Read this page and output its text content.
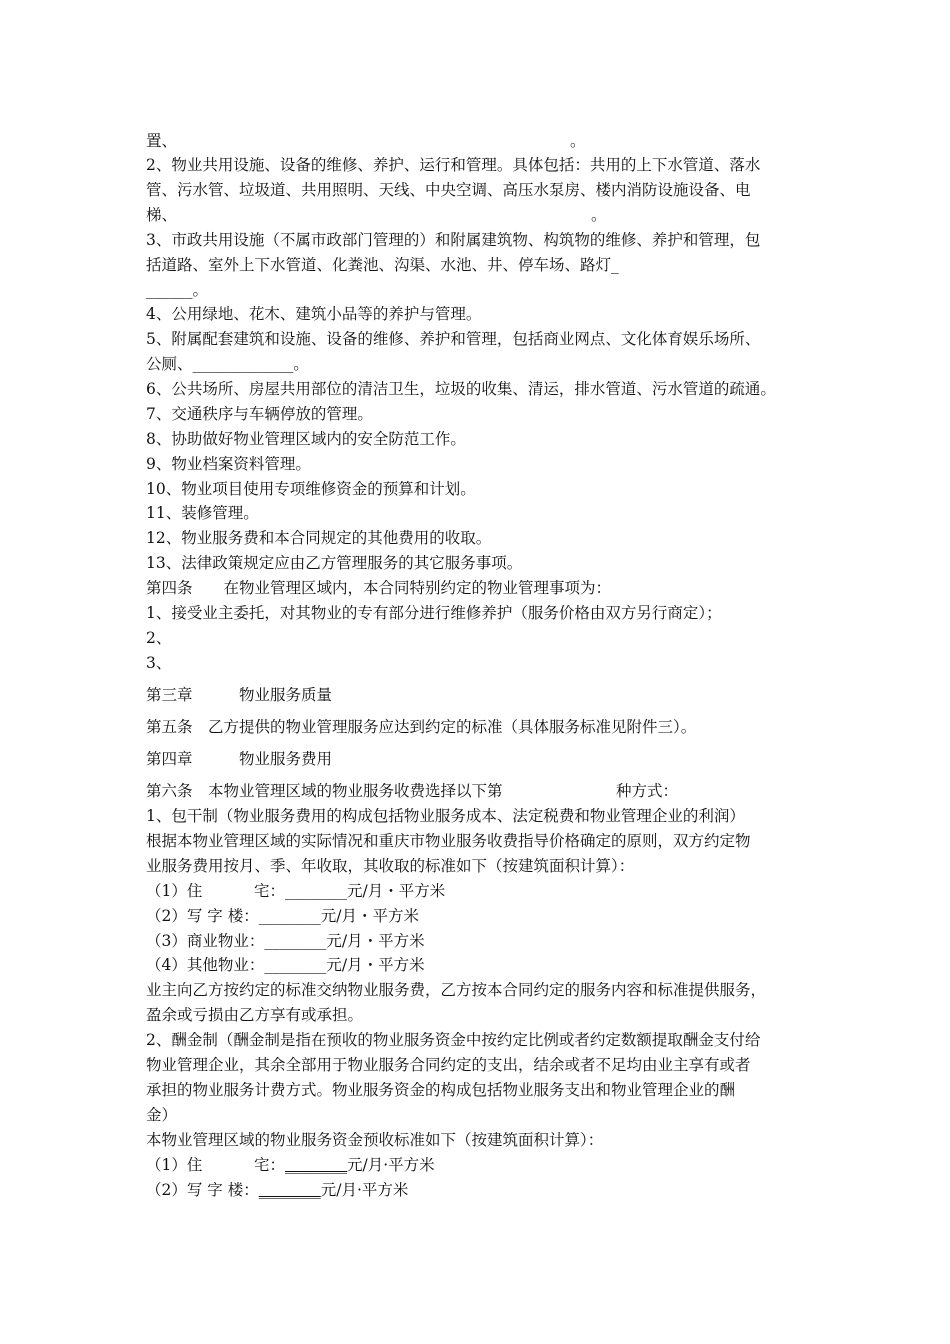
置、	。
2、物业共用设施、设备的维修、养护、运行和管理。具体包括：共用的上下水管道、落水
管、污水管、垃圾道、共用照明、天线、中央空调、高压水泵房、楼内消防设施设备、电
梯、	。
3、市政共用设施（不属市政部门管理的）和附属建筑物、构筑物的维修、养护和管理，包
括道路、室外上下水管道、化粪池、沟渠、水池、井、停车场、路灯_
______。
4、公用绿地、花木、建筑小品等的养护与管理。
5、附属配套建筑和设施、设备的维修、养护和管理，包括商业网点、文化体育娱乐场所、
公厕、_____________。
6、公共场所、房屋共用部位的清洁卫生，垃圾的收集、清运，排水管道、污水管道的疏通。
7、交通秩序与车辆停放的管理。
8、协助做好物业管理区域内的安全防范工作。
9、物业档案资料管理。
10、物业项目使用专项维修资金的预算和计划。
11、装修管理。
12、物业服务费和本合同规定的其他费用的收取。
13、法律政策规定应由乙方管理服务的其它服务事项。
第四条　　在物业管理区域内，本合同特别约定的物业管理事项为：
1、接受业主委托，对其物业的专有部分进行维修养护（服务价格由双方另行商定）；
2、
3、
第三章　　　物业服务质量
第五条　乙方提供的物业管理服务应达到约定的标准（具体服务标准见附件三）。
第四章　　　物业服务费用
第六条　本物业管理区域的物业服务收费选择以下第	种方式：
1、包干制（物业服务费用的构成包括物业服务成本、法定税费和物业管理企业的利润）
根据本物业管理区域的实际情况和重庆市物业服务收费指导价格确定的原则，双方约定物
业服务费用按月、季、年收取，其收取的标准如下（按建筑面积计算）：
（1）住	宅：________元/月・平方米
（2）写 字 楼：________元/月・平方米
（3）商业物业：________元/月・平方米
（4）其他物业：________元/月・平方米
业主向乙方按约定的标准交纳物业服务费，乙方按本合同约定的服务内容和标准提供服务，
盈余或亏损由乙方享有或承担。
2、酬金制（酬金制是指在预收的物业服务资金中按约定比例或者约定数额提取酬金支付给
物业管理企业，其余全部用于物业服务合同约定的支出，结余或者不足均由业主享有或者
承担的物业服务计费方式。物业服务资金的构成包括物业服务支出和物业管理企业的酬
金）
本物业管理区域的物业服务资金预收标准如下（按建筑面积计算）：
（1）住	宅：________元/月·平方米
（2）写 字 楼：________元/月·平方米
